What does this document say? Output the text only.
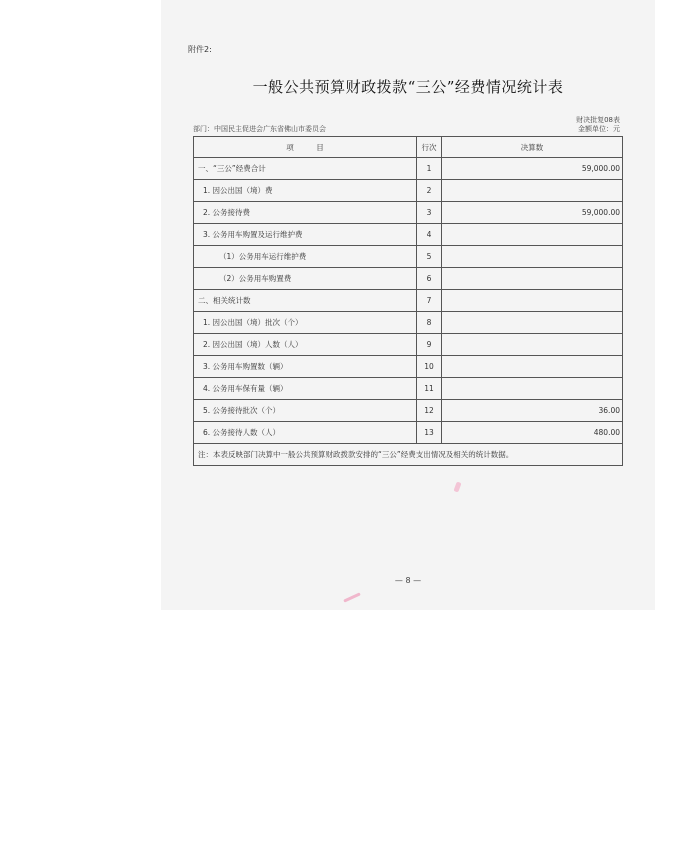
附件2:
一般公共预算财政拨款“三公”经费情况统计表
财决批复08表
部门：中国民主促进会广东省佛山市委员会	金额单位：元
项　　　目	行次	决算数
一、“三公”经费合计	1	59,000.00
1. 因公出国（境）费	2	
2. 公务接待费	3	59,000.00
3. 公务用车购置及运行维护费	4	
（1）公务用车运行维护费	5	
（2）公务用车购置费	6	
二、相关统计数	7	
1. 因公出国（境）批次（个）	8	
2. 因公出国（境）人数（人）	9	
3. 公务用车购置数（辆）	10	
4. 公务用车保有量（辆）	11	
5. 公务接待批次（个）	12	36.00
6. 公务接待人数（人）	13	480.00
注：本表反映部门决算中一般公共预算财政拨款安排的“三公”经费支出情况及相关的统计数据。		
— 8 —
